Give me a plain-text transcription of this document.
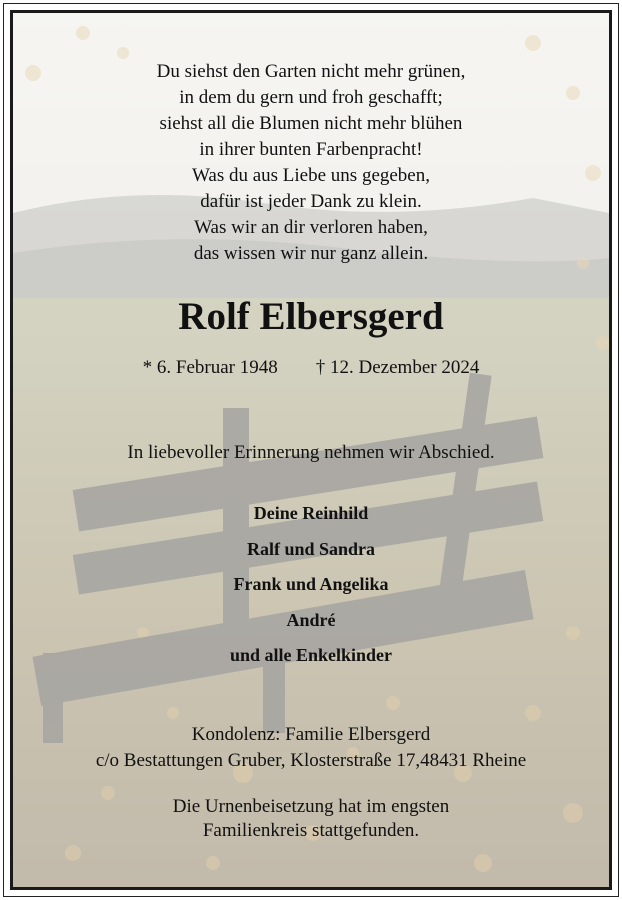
Du siehst den Garten nicht mehr grünen,
in dem du gern und froh geschafft;
siehst all die Blumen nicht mehr blühen
in ihrer bunten Farbenpracht!
Was du aus Liebe uns gegeben,
dafür ist jeder Dank zu klein.
Was wir an dir verloren haben,
das wissen wir nur ganz allein.
Rolf Elbersgerd
* 6. Februar 1948 † 12. Dezember 2024
In liebevoller Erinnerung nehmen wir Abschied.
Deine Reinhild
Ralf und Sandra
Frank und Angelika
André
und alle Enkelkinder
Kondolenz: Familie Elbersgerd
c/o Bestattungen Gruber, Klosterstraße 17,48431 Rheine
Die Urnenbeisetzung hat im engsten
Familienkreis stattgefunden.
